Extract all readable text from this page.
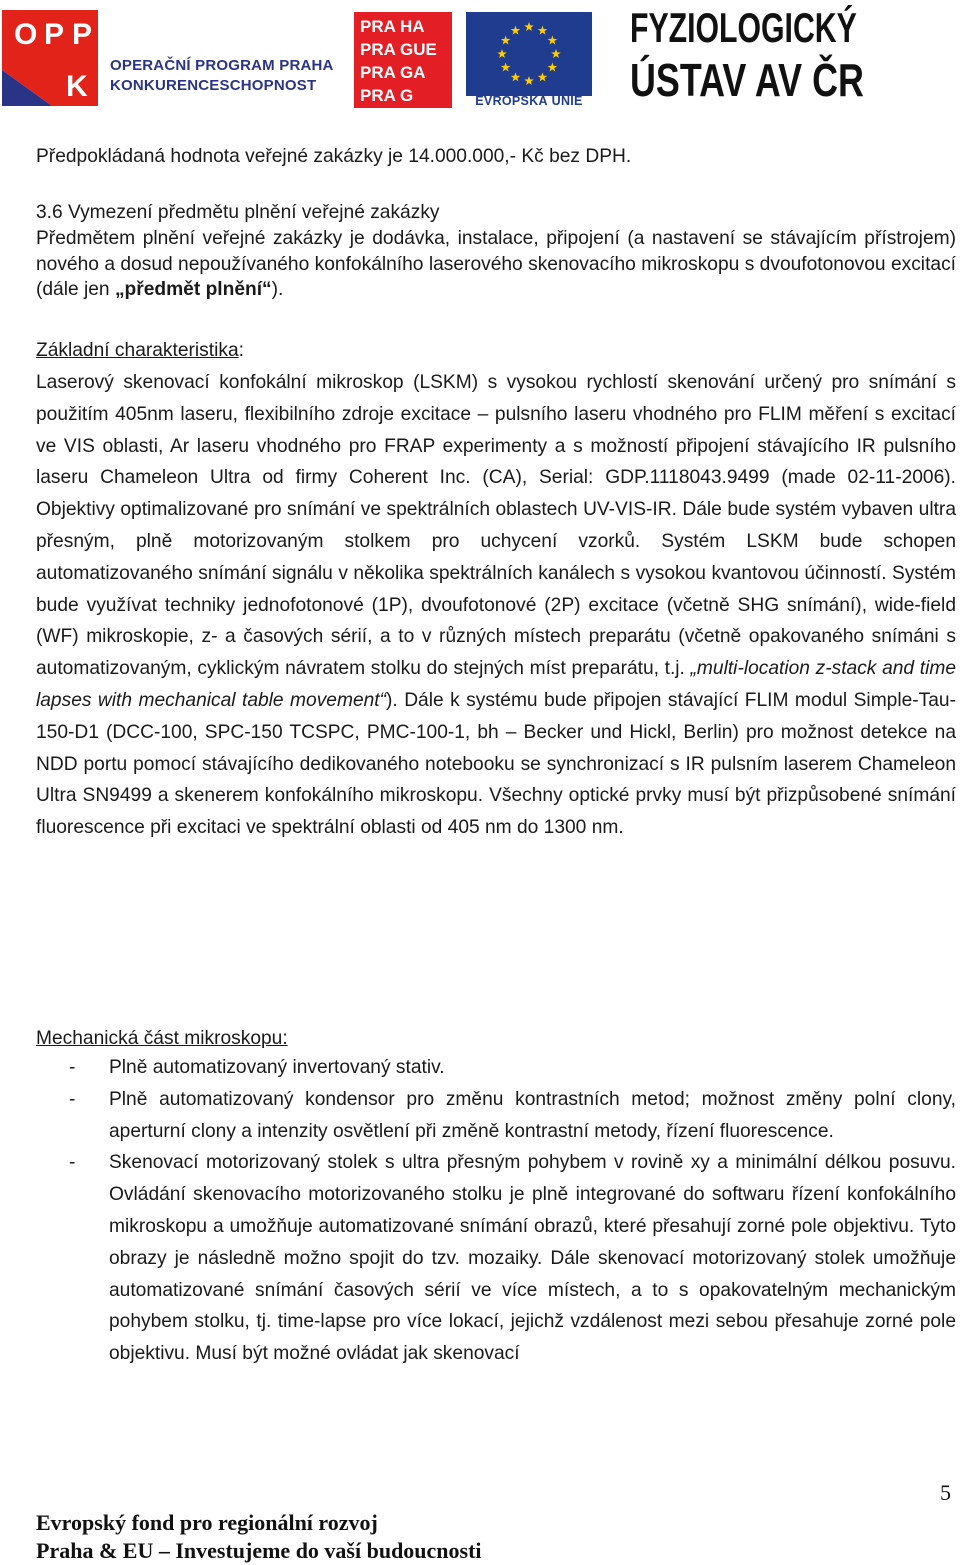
O P P
K
OPERAČNÍ PROGRAM PRAHA
KONKURENCESCHOPNOST
PRA HA
PRA GUE
PRA GA
PRA G	EVROPSKÁ UNIE
FYZIOLOGICKÝ
ÚSTAV AV ČR

Předpokládaná hodnota veřejné zakázky je 14.000.000,- Kč bez DPH.

3.6 Vymezení předmětu plnění veřejné zakázky

Předmětem plnění veřejné zakázky je dodávka, instalace, připojení (a nastavení se stávajícím přístrojem) nového a dosud nepoužívaného konfokálního laserového skenovacího mikroskopu s dvoufotonovou excitací (dále jen „předmět plnění“).

Základní charakteristika:

Laserový skenovací konfokální mikroskop (LSKM) s vysokou rychlostí skenování určený pro snímání s použitím 405nm laseru, flexibilního zdroje excitace – pulsního laseru vhodného pro FLIM měření s excitací ve VIS oblasti, Ar laseru vhodného pro FRAP experimenty a s možností připojení stávajícího IR pulsního laseru Chameleon Ultra od firmy Coherent Inc. (CA), Serial: GDP.1118043.9499 (made 02-11-2006). Objektivy optimalizované pro snímání ve spektrálních oblastech UV-VIS-IR. Dále bude systém vybaven ultra přesným, plně motorizovaným stolkem pro uchycení vzorků. Systém LSKM bude schopen automatizovaného snímání signálu v několika spektrálních kanálech s vysokou kvantovou účinností. Systém bude využívat techniky jednofotonové (1P), dvoufotonové (2P) excitace (včetně SHG snímání), wide-field (WF) mikroskopie, z- a časových sérií, a to v různých místech preparátu (včetně opakovaného snímáni s automatizovaným, cyklickým návratem stolku do stejných míst preparátu, t.j. „multi-location z-stack and time lapses with mechanical table movement“). Dále k systému bude připojen stávající FLIM modul Simple-Tau-150-D1 (DCC-100, SPC-150 TCSPC, PMC-100-1, bh – Becker und Hickl, Berlin) pro možnost detekce na NDD portu pomocí stávajícího dedikovaného notebooku se synchronizací s IR pulsním laserem Chameleon Ultra SN9499 a skenerem konfokálního mikroskopu. Všechny optické prvky musí být přizpůsobené snímání fluorescence při excitaci ve spektrální oblasti od 405 nm do 1300 nm.

Mechanická část mikroskopu:

- Plně automatizovaný invertovaný stativ.
- Plně automatizovaný kondensor pro změnu kontrastních metod; možnost změny polní clony, aperturní clony a intenzity osvětlení při změně kontrastní metody, řízení fluorescence.
- Skenovací motorizovaný stolek s ultra přesným pohybem v rovině xy a minimální délkou posuvu. Ovládání skenovacího motorizovaného stolku je plně integrované do softwaru řízení konfokálního mikroskopu a umožňuje automatizované snímání obrazů, které přesahují zorné pole objektivu. Tyto obrazy je následně možno spojit do tzv. mozaiky. Dále skenovací motorizovaný stolek umožňuje automatizované snímání časových sérií ve více místech, a to s opakovatelným mechanickým pohybem stolku, tj. time-lapse pro více lokací, jejichž vzdálenost mezi sebou přesahuje zorné pole objektivu. Musí být možné ovládat jak skenovací
5
Evropský fond pro regionální rozvoj
Praha & EU – Investujeme do vaší budoucnosti
